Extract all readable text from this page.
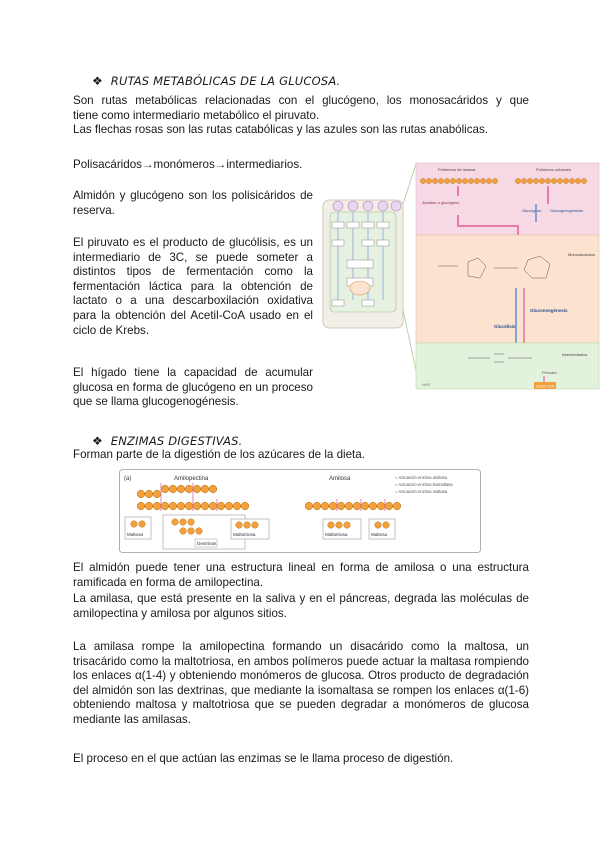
❖ RUTAS METABÓLICAS DE LA GLUCOSA.

Son rutas metabólicas relacionadas con el glucógeno, los monosacáridos y que

tiene como intermediario metabólico el piruvato.

Las flechas rosas son las rutas catabólicas y las azules son las rutas anabólicas.

Polisacáridos→monómeros→intermediarios.

Almidón y glucógeno son los polisicáridos de reserva.

El piruvato es el producto de glucólisis, es un intermediario de 3C, se puede someter a distintos tipos de fermentación como la fermentación láctica para la obtención de lactato o a una descarboxilación oxidativa para la obtención del Acetil-CoA usado en el ciclo de Krebs.

El hígado tiene la capacidad de acumular glucosa en forma de glucógeno en un proceso que se llama glucogenogénesis.

Polímeros de lactosa	Polímeros celulares
Almidón o glucógeno
Glucógeno Glucogenogénesis
Monosacáridos
Gluconeogénesis
Glucólisis
Intermediarios
Piruvato
Acetil-CoA
NHS
❖ ENZIMAS DIGESTIVAS.

Forman parte de la digestión de los azúcares de la dieta.

(a)	Amilopectina	Amilosa	= Actuación enzima amilasa
= Actuación enzima isomaltasa
= Actuación enzima maltasa
Maltosa
Dextrinas
Maltotriosa	Maltotriosa	Maltosa

El almidón puede tener una estructura lineal en forma de amilosa o una estructura ramificada en forma de amilopectina.

La amilasa, que está presente en la saliva y en el páncreas, degrada las moléculas de amilopectina y amilosa por algunos sitios.

La amilasa rompe la amilopectina formando un disacárido como la maltosa, un trisacárido como la maltotriosa, en ambos polímeros puede actuar la maltasa rompiendo los enlaces α(1-4) y obteniendo monómeros de glucosa. Otros producto de degradación del almidón son las dextrinas, que mediante la isomaltasa se rompen los enlaces α(1-6) obteniendo maltosa y maltotriosa que se pueden degradar a monómeros de glucosa mediante las amilasas.

El proceso en el que actúan las enzimas se le llama proceso de digestión.
